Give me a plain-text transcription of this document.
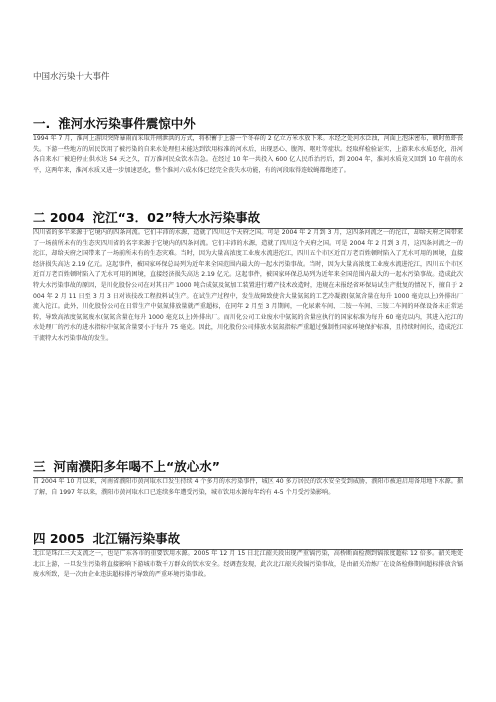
中国水污染十大事件
一. 淮河水污染事件震惊中外

1994 年 7 月，淮河上游因突降暴雨而采取开闸泄洪的方式，将积蓄于上游一个冬春的 2 亿立方米水放下来。水经之处河水泛浊，河面上泡沫密布，顿时鱼虾丧失。下游一些地方的居民饮用了被污染的自来水处理但未能达到饮用标准的河水后，出现恶心、腹泻、呕吐等症状。经取样检验证实，上游来水水质恶化，沿河各自来水厂被迫停止供水达 54 天之久，百万淮河民众饮水告急。在经过 10 年一共投入 600 亿人民币治污后，到 2004 年，淮河水质竟又回到 10 年前的水平，这两年来，淮河水质又进一步加速恶化，整个淮河六成水体已经完全丧失水功能，有的河段取得连蚊蝇都绝迹了。

二 2004 沱江“3．02”特大水污染事故

四川省的多半来源于它境内的四条河流。它们丰沛的水源，造就了四川这个天府之国。可是 2004 年 2 月到 3 月，这四条河流之一的沱江，却给天府之国带来了一场前所未有的生态灾四川省的名字来源于它境内的四条河流。它们丰沛的水源，造就了四川这个天府之国。可是 2004 年 2 月到 3 月，这四条河流之一的沱江，却给天府之国带来了一场前所未有的生态灾难。当时，因为大量高浓度工业废水流进沱江，四川五个市区近百万老百姓顿时陷入了无水可用的困境，直接经济损失高达 2.19 亿元。这起事件，被国家环保总局列为近年来全国范围内最大的一起水污染事故。当时，因为大量高浓度工业废水流进沱江，四川五个市区近百万老百姓顿时陷入了无水可用的困境，直接经济损失高达 2.19 亿元。这起事件，被国家环保总局列为近年来全国范围内最大的一起水污染事故。造成此次特大水污染事故的原因，是川化股份公司在对其日产 1000 吨合成氨及氮加工装置进行增产技术改造时，违规在未报经省环保局试生产批复的情况下，擅自于 2004 年 2 月 11 日至 3 月 3 日对该技改工程投料试生产。在试生产过程中，发生故障致使含大量氨氮的工艺冷凝液(氨氮含量在每升 1000 毫克以上)外排出厂流入沱江。此外，川化股份公司在日常生产中氨氮排放量就严重超标，在同年 2 月至 3 月期间，一化尿素车间、二铵一车间、三铵二车间的环保设备未正常运转，导致高浓度氨氮废水(氨氮含量在每升 1000 毫克以上)外排出厂。而川化公司工业废水中氨氮的含量应执行的国家标准为每升 60 毫克以内，其进入沱江的水处理厂的污水的进水指标中氨氮含量要小于每升 75 毫克。因此，川化股份公司排放水氨氮指标严重超过强制性国家环境保护标准，且持续时间长，造成沱江干流特大水污染事故的发生。

三 河南濮阳多年喝不上“放心水”

自 2004 年 10 月以来，河南省濮阳市黄河取水口发生持续 4 个多月的水污染事件，城区 40 多万居民的饮水安全受到威胁，濮阳市被迫启用备用地下水源。据了解，自 1997 年以来，濮阳市黄河取水口已连续多年遭受污染，城市饮用水源每年约有 4-5 个月受污染影响。

四 2005 北江镉污染事故

北江是珠江三大支流之一，也是广东各市的重要饮用水源。2005 年 12 月 15 日北江韶关段出现严重镉污染，高桥断面检测到镉浓度超标 12 倍多。韶关地处北江上游，一旦发生污染将直接影响下游城市数千万群众的饮水安全。经调查发现，此次北江韶关段镉污染事故，是由韶关冶炼厂在设备检修期间超标排放含镉废水所致，是一次由企业违法超标排污导致的严重环境污染事故。
